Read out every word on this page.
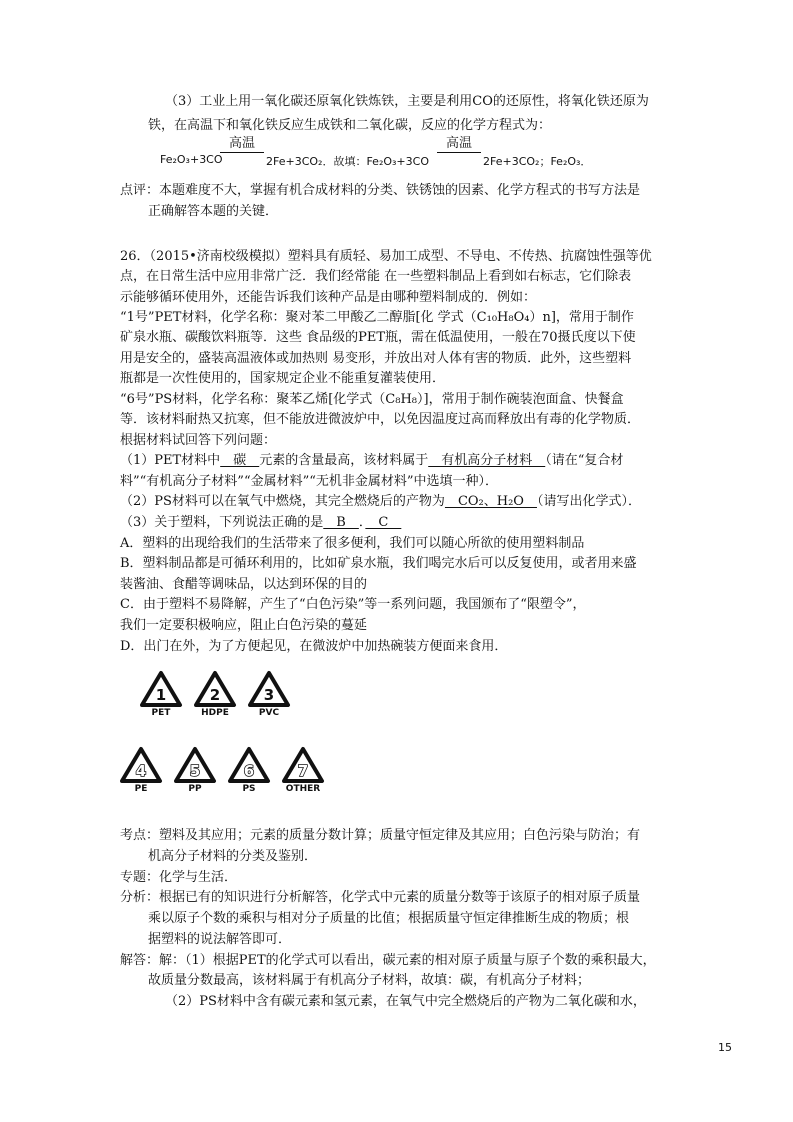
（3）工业上用一氧化碳还原氧化铁炼铁，主要是利用CO的还原性，将氧化铁还原为
铁，在高温下和氧化铁反应生成铁和二氧化碳，反应的化学方程式为：
Fe₂O₃+3CO
高温
2Fe+3CO₂．故填：Fe₂O₃+3CO
高温
2Fe+3CO₂；Fe₂O₃．
点评：本题难度不大，掌握有机合成材料的分类、铁锈蚀的因素、化学方程式的书写方法是
正确解答本题的关键．
26．（2015•济南校级模拟）塑料具有质轻、易加工成型、不导电、不传热、抗腐蚀性强等优
点，在日常生活中应用非常广泛．我们经常能 在一些塑料制品上看到如右标志，它们除表
示能够循环使用外，还能告诉我们该种产品是由哪种塑料制成的．例如：
“1号”PET材料，化学名称：聚对苯二甲酸乙二醇脂[化 学式（C₁₀H₈O₄）n]，常用于制作
矿泉水瓶、碳酸饮料瓶等．这些 食品级的PET瓶，需在低温使用，一般在70摄氏度以下使
用是安全的，盛装高温液体或加热则 易变形，并放出对人体有害的物质．此外，这些塑料
瓶都是一次性使用的，国家规定企业不能重复灌装使用．
“6号”PS材料，化学名称：聚苯乙烯[化学式（C₈H₈）]，常用于制作碗装泡面盒、快餐盒
等．该材料耐热又抗寒，但不能放进微波炉中，以免因温度过高而释放出有毒的化学物质．
根据材料试回答下列问题：
（1）PET材料中　碳　元素的含量最高，该材料属于　有机高分子材料　（请在“复合材
料”“有机高分子材料”“金属材料”“无机非金属材料”中选填一种）．
（2）PS材料可以在氧气中燃烧，其完全燃烧后的产物为　CO₂、H₂O　（请写出化学式）．
（3）关于塑料，下列说法正确的是　B　．　C　
A．塑料的出现给我们的生活带来了很多便利，我们可以随心所欲的使用塑料制品
B．塑料制品都是可循环利用的，比如矿泉水瓶，我们喝完水后可以反复使用，或者用来盛
装酱油、食醋等调味品，以达到环保的目的
C．由于塑料不易降解，产生了“白色污染”等一系列问题，我国颁布了“限塑令”，
我们一定要积极响应，阻止白色污染的蔓延
D．出门在外，为了方便起见，在微波炉中加热碗装方便面来食用．
1
PET
2
HDPE
3
PVC
4
PE
5
PP
6
PS
7
OTHER
考点：塑料及其应用；元素的质量分数计算；质量守恒定律及其应用；白色污染与防治；有
机高分子材料的分类及鉴别．
专题：化学与生活．
分析：根据已有的知识进行分析解答，化学式中元素的质量分数等于该原子的相对原子质量
乘以原子个数的乘积与相对分子质量的比值；根据质量守恒定律推断生成的物质；根
据塑料的说法解答即可．
解答：解：（1）根据PET的化学式可以看出，碳元素的相对原子质量与原子个数的乘积最大，
故质量分数最高，该材料属于有机高分子材料，故填：碳，有机高分子材料；
（2）PS材料中含有碳元素和氢元素，在氧气中完全燃烧后的产物为二氧化碳和水，
15
